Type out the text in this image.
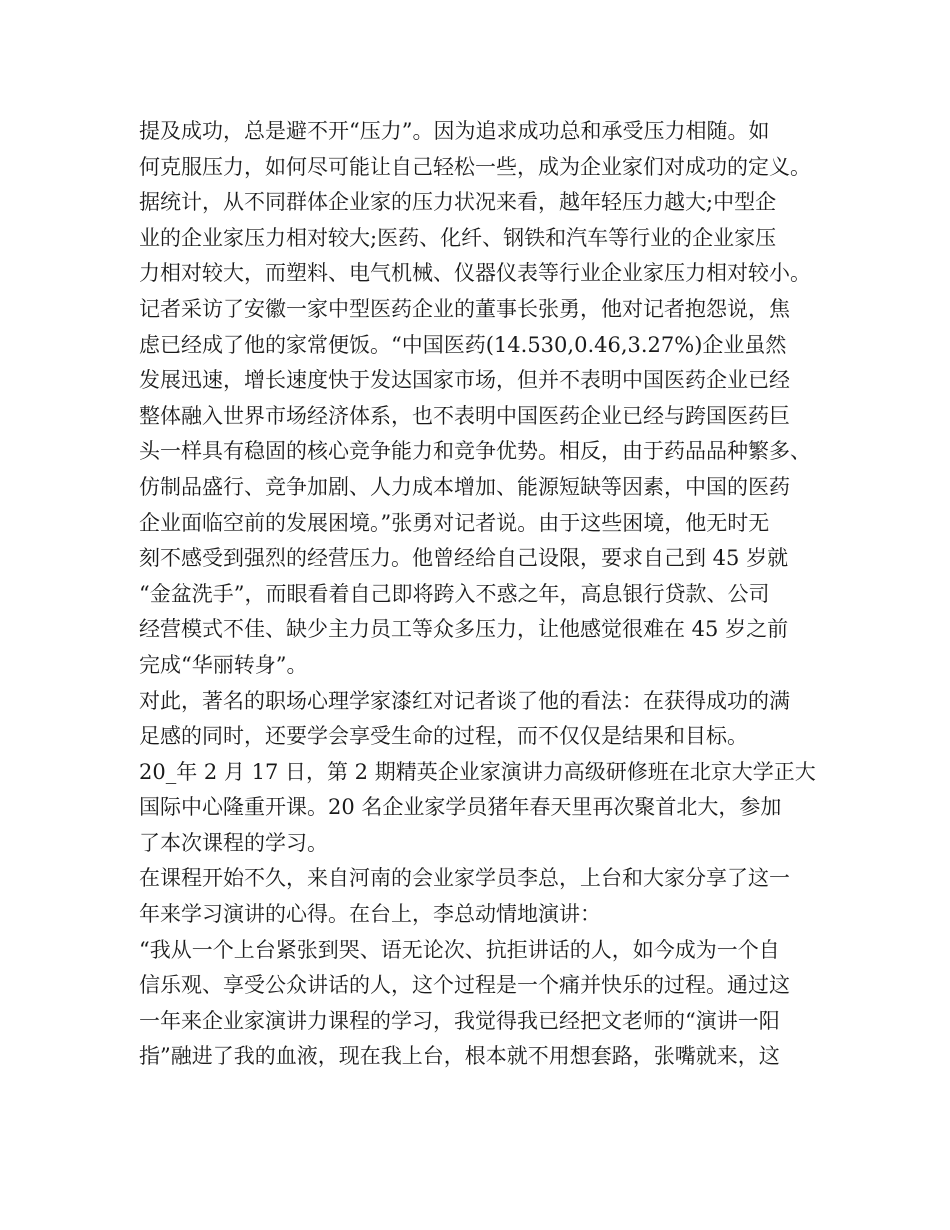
提及成功，总是避不开“压力”。因为追求成功总和承受压力相随。如
何克服压力，如何尽可能让自己轻松一些，成为企业家们对成功的定义。
据统计，从不同群体企业家的压力状况来看，越年轻压力越大;中型企
业的企业家压力相对较大;医药、化纤、钢铁和汽车等行业的企业家压
力相对较大，而塑料、电气机械、仪器仪表等行业企业家压力相对较小。
记者采访了安徽一家中型医药企业的董事长张勇，他对记者抱怨说，焦
虑已经成了他的家常便饭。“中国医药(14.530,0.46,3.27%)企业虽然
发展迅速，增长速度快于发达国家市场，但并不表明中国医药企业已经
整体融入世界市场经济体系，也不表明中国医药企业已经与跨国医药巨
头一样具有稳固的核心竞争能力和竞争优势。相反，由于药品品种繁多、
仿制品盛行、竞争加剧、人力成本增加、能源短缺等因素，中国的医药
企业面临空前的发展困境。”张勇对记者说。由于这些困境，他无时无
刻不感受到强烈的经营压力。他曾经给自己设限，要求自己到 45 岁就
“金盆洗手”，而眼看着自己即将跨入不惑之年，高息银行贷款、公司
经营模式不佳、缺少主力员工等众多压力，让他感觉很难在 45 岁之前
完成“华丽转身”。
对此，著名的职场心理学家漆红对记者谈了他的看法：在获得成功的满
足感的同时，还要学会享受生命的过程，而不仅仅是结果和目标。
20_年 2 月 17 日，第 2 期精英企业家演讲力高级研修班在北京大学正大
国际中心隆重开课。20 名企业家学员猪年春天里再次聚首北大，参加
了本次课程的学习。
在课程开始不久，来自河南的会业家学员李总，上台和大家分享了这一
年来学习演讲的心得。在台上，李总动情地演讲：
“我从一个上台紧张到哭、语无论次、抗拒讲话的人，如今成为一个自
信乐观、享受公众讲话的人，这个过程是一个痛并快乐的过程。通过这
一年来企业家演讲力课程的学习，我觉得我已经把文老师的“演讲一阳
指”融进了我的血液，现在我上台，根本就不用想套路，张嘴就来，这
